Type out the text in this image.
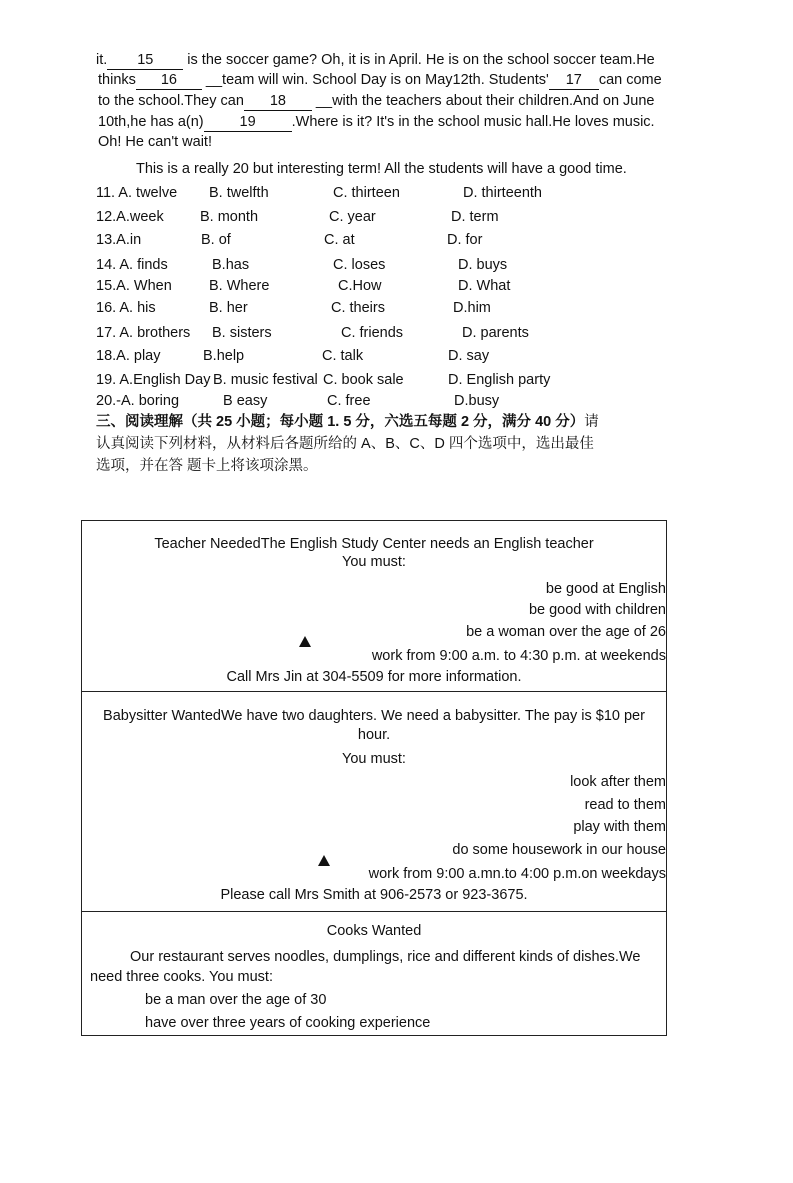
it. 15 is the soccer game? Oh, it is in April. He is on the school soccer team.He
thinks 16 __team will win. School Day is on May12th. Students' 17 can come
to the school.They can 18 __with the teachers about their children.And on June
10th,he has a(n) 19 .Where is it? It's in the school music hall.He loves music.
Oh! He can't wait!
This is a really 20 but interesting term! All the students will have a good time.
11. A. twelve B. twelfth	C. thirteen	D. thirteenth
12.A.week	B. month	C. year	D. term
13.A.in	B. of	C. at	D. for
14. A. finds	B.has	C. loses	D. buys
15.A. When	B. Where	C.How	D. What
16. A. his	B. her	C. theirs	D.him
17. A. brothers B. sisters	C. friends	D. parents
18.A. play	B.help	C. talk	D. say
19. A.English Day B. music festival C. book sale	D. English party
20.-A. boring	B easy	C. free	D.busy
三、阅读理解（共 25 小题；每小题 1. 5 分，六选五每题 2 分，满分 40 分）请
认真阅读下列材料，从材料后各题所给的 A、B、C、D 四个选项中，选出最佳
选项，并在答 题卡上将该项涂黑。
Teacher NeededThe English Study Center needs an English teacher
You must:
be good at English
be good with children
be a woman over the age of 26
work from 9:00 a.m. to 4:30 p.m. at weekends
Call Mrs Jin at 304-5509 for more information.
Babysitter WantedWe have two daughters. We need a babysitter. The pay is $10 per
hour.
You must:
look after them
read to them
play with them
do some housework in our house
work from 9:00 a.mn.to 4:00 p.m.on weekdays
Please call Mrs Smith at 906-2573 or 923-3675.
Cooks Wanted
Our restaurant serves noodles, dumplings, rice and different kinds of dishes.We
need three cooks. You must:
be a man over the age of 30
have over three years of cooking experience
